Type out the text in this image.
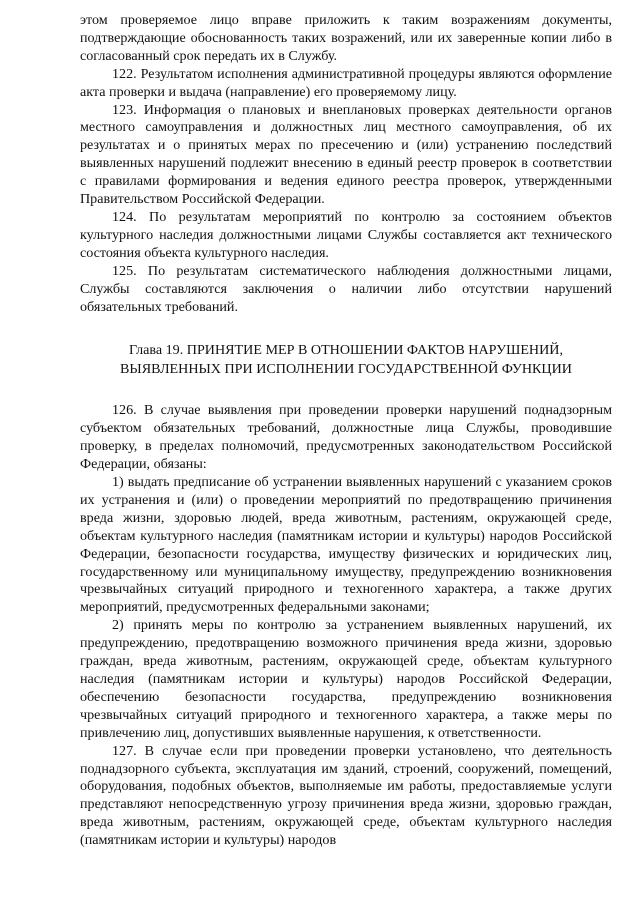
этом проверяемое лицо вправе приложить к таким возражениям документы, подтверждающие обоснованность таких возражений, или их заверенные копии либо в согласованный срок передать их в Службу.

122. Результатом исполнения административной процедуры являются оформление акта проверки и выдача (направление) его проверяемому лицу.

123. Информация о плановых и внеплановых проверках деятельности органов местного самоуправления и должностных лиц местного самоуправления, об их результатах и о принятых мерах по пресечению и (или) устранению последствий выявленных нарушений подлежит внесению в единый реестр проверок в соответствии с правилами формирования и ведения единого реестра проверок, утвержденными Правительством Российской Федерации.

124. По результатам мероприятий по контролю за состоянием объектов культурного наследия должностными лицами Службы составляется акт технического состояния объекта культурного наследия.

125. По результатам систематического наблюдения должностными лицами, Службы составляются заключения о наличии либо отсутствии нарушений обязательных требований.

Глава 19. ПРИНЯТИЕ МЕР В ОТНОШЕНИИ ФАКТОВ НАРУШЕНИЙ,
ВЫЯВЛЕННЫХ ПРИ ИСПОЛНЕНИИ ГОСУДАРСТВЕННОЙ ФУНКЦИИ

126. В случае выявления при проведении проверки нарушений поднадзорным субъектом обязательных требований, должностные лица Службы, проводившие проверку, в пределах полномочий, предусмотренных законодательством Российской Федерации, обязаны:

1) выдать предписание об устранении выявленных нарушений с указанием сроков их устранения и (или) о проведении мероприятий по предотвращению причинения вреда жизни, здоровью людей, вреда животным, растениям, окружающей среде, объектам культурного наследия (памятникам истории и культуры) народов Российской Федерации, безопасности государства, имуществу физических и юридических лиц, государственному или муниципальному имуществу, предупреждению возникновения чрезвычайных ситуаций природного и техногенного характера, а также других мероприятий, предусмотренных федеральными законами;

2) принять меры по контролю за устранением выявленных нарушений, их предупреждению, предотвращению возможного причинения вреда жизни, здоровью граждан, вреда животным, растениям, окружающей среде, объектам культурного наследия (памятникам истории и культуры) народов Российской Федерации, обеспечению безопасности государства, предупреждению возникновения чрезвычайных ситуаций природного и техногенного характера, а также меры по привлечению лиц, допустивших выявленные нарушения, к ответственности.

127. В случае если при проведении проверки установлено, что деятельность поднадзорного субъекта, эксплуатация им зданий, строений, сооружений, помещений, оборудования, подобных объектов, выполняемые им работы, предоставляемые услуги представляют непосредственную угрозу причинения вреда жизни, здоровью граждан, вреда животным, растениям, окружающей среде, объектам культурного наследия (памятникам истории и культуры) народов
